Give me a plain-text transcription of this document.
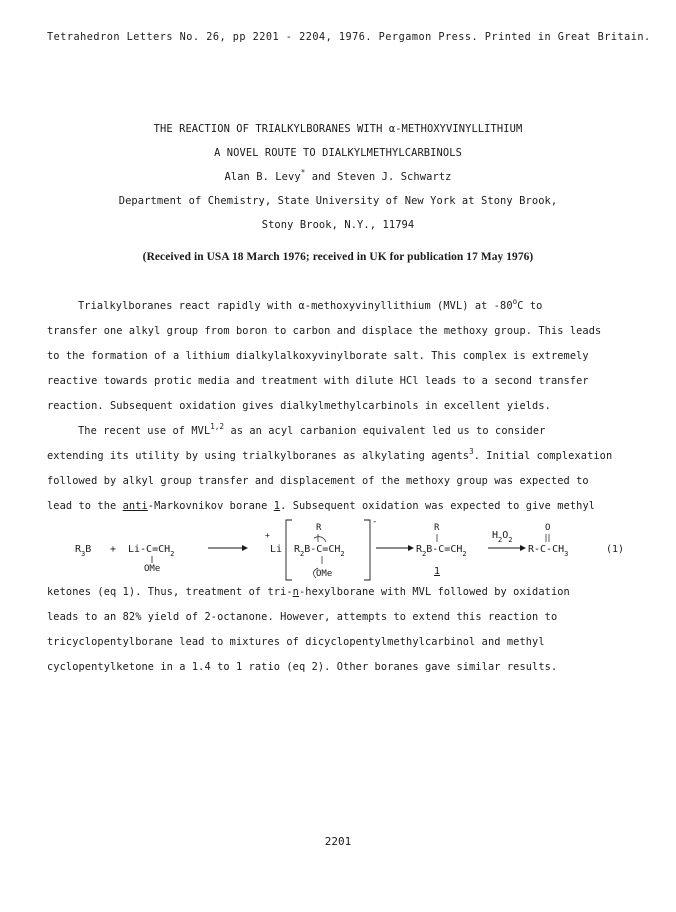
Tetrahedron Letters No. 26, pp 2201 - 2204, 1976. Pergamon Press. Printed in Great Britain.
THE REACTION OF TRIALKYLBORANES WITH α-METHOXYVINYLLITHIUM
A NOVEL ROUTE TO DIALKYLMETHYLCARBINOLS
Alan B. Levy* and Steven J. Schwartz
Department of Chemistry, State University of New York at Stony Brook,
Stony Brook, N.Y., 11794
(Received in USA 18 March 1976; received in UK for publication 17 May 1976)
Trialkylboranes react rapidly with α-methoxyvinyllithium (MVL) at -80$^o$C to
transfer one alkyl group from boron to carbon and displace the methoxy group. This leads
to the formation of a lithium dialkylalkoxyvinylborate salt. This complex is extremely
reactive towards protic media and treatment with dilute HCl leads to a second transfer
reaction. Subsequent oxidation gives dialkylmethylcarbinols in excellent yields.
The recent use of MVL$^{1,2}$ as an acyl carbanion equivalent led us to consider
extending its utility by using trialkylboranes as alkylating agents$^3$. Initial complexation
followed by alkyl group transfer and displacement of the methoxy group was expected to
lead to the anti-Markovnikov borane 1. Subsequent oxidation was expected to give methyl
$R_3B + Li-C=CH_2$
OMe
+
Li
R
$R_2B-C=CH_2$
OMe
-
R
$R_2B-C=CH_2$
1
$H_2O_2$
O
$R-C-CH_3$	(1)
ketones (eq 1). Thus, treatment of tri-n-hexylborane with MVL followed by oxidation
leads to an 82% yield of 2-octanone. However, attempts to extend this reaction to
tricyclopentylborane lead to mixtures of dicyclopentylmethylcarbinol and methyl
cyclopentylketone in a 1.4 to 1 ratio (eq 2). Other boranes gave similar results.
2201
